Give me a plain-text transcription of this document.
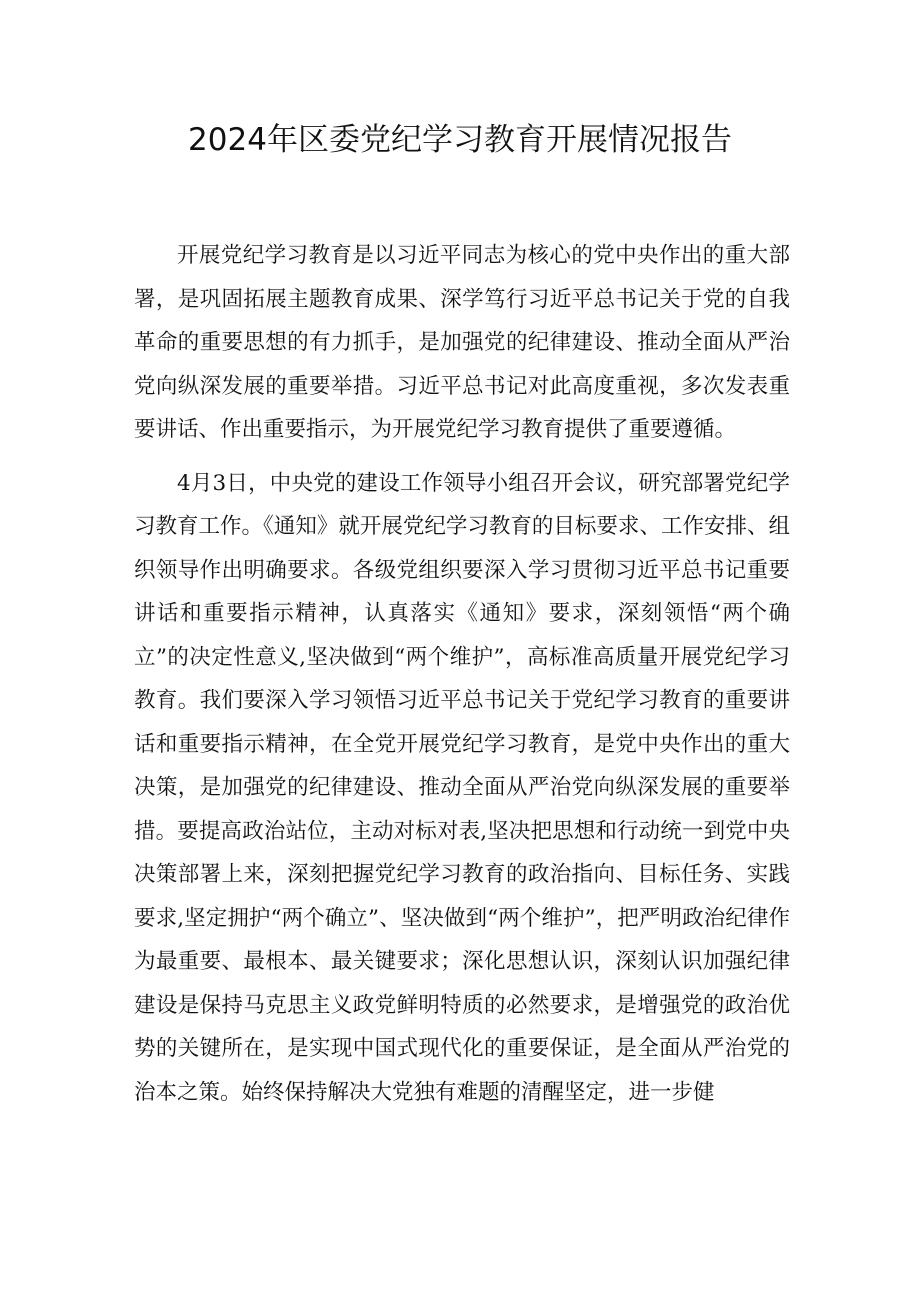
2024年区委党纪学习教育开展情况报告

开展党纪学习教育是以习近平同志为核心的党中央作出的重大部署，是巩固拓展主题教育成果、深学笃行习近平总书记关于党的自我革命的重要思想的有力抓手，是加强党的纪律建设、推动全面从严治党向纵深发展的重要举措。习近平总书记对此高度重视，多次发表重要讲话、作出重要指示，为开展党纪学习教育提供了重要遵循。

4月3日，中央党的建设工作领导小组召开会议，研究部署党纪学习教育工作。《通知》就开展党纪学习教育的目标要求、工作安排、组织领导作出明确要求。各级党组织要深入学习贯彻习近平总书记重要讲话和重要指示精神，认真落实《通知》要求，深刻领悟“两个确立”的决定性意义,坚决做到“两个维护”，高标准高质量开展党纪学习教育。我们要深入学习领悟习近平总书记关于党纪学习教育的重要讲话和重要指示精神，在全党开展党纪学习教育，是党中央作出的重大决策，是加强党的纪律建设、推动全面从严治党向纵深发展的重要举措。要提高政治站位，主动对标对表,坚决把思想和行动统一到党中央决策部署上来，深刻把握党纪学习教育的政治指向、目标任务、实践要求,坚定拥护“两个确立”、坚决做到“两个维护”，把严明政治纪律作为最重要、最根本、最关键要求；深化思想认识，深刻认识加强纪律建设是保持马克思主义政党鲜明特质的必然要求，是增强党的政治优势的关键所在，是实现中国式现代化的重要保证，是全面从严治党的治本之策。始终保持解决大党独有难题的清醒坚定，进一步健
